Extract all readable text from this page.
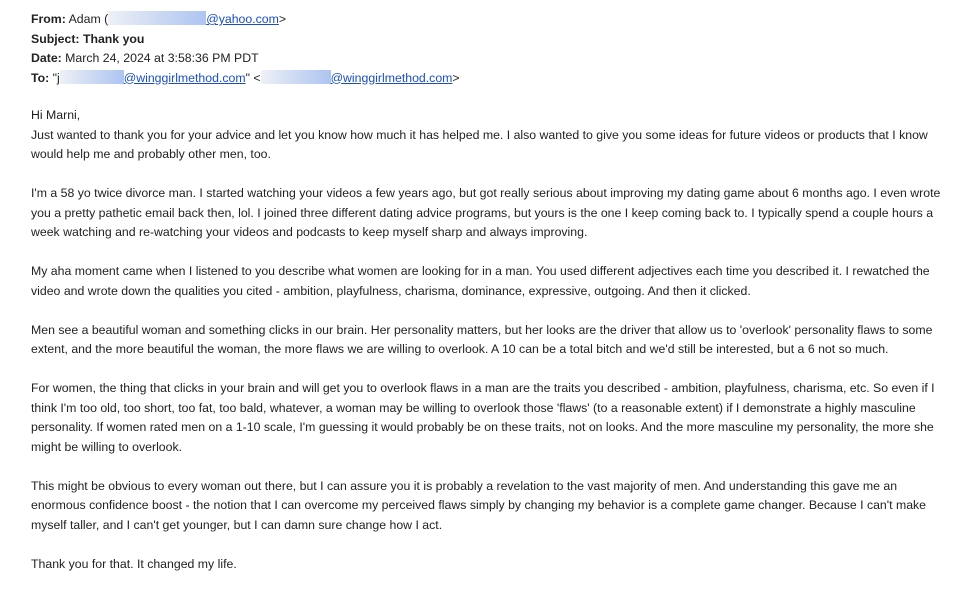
From: Adam (	@yahoo.com>
Subject: Thank you
Date: March 24, 2024 at 3:58:36 PM PDT
To: "j	@winggirlmethod.com" <	@winggirlmethod.com>

Hi Marni,

Just wanted to thank you for your advice and let you know how much it has helped me. I also wanted to give you some ideas for future videos or products that I know would help me and probably other men, too.

I'm a 58 yo twice divorce man. I started watching your videos a few years ago, but got really serious about improving my dating game about 6 months ago. I even wrote you a pretty pathetic email back then, lol. I joined three different dating advice programs, but yours is the one I keep coming back to. I typically spend a couple hours a week watching and re-watching your videos and podcasts to keep myself sharp and always improving.

My aha moment came when I listened to you describe what women are looking for in a man. You used different adjectives each time you described it. I rewatched the video and wrote down the qualities you cited - ambition, playfulness, charisma, dominance, expressive, outgoing. And then it clicked.

Men see a beautiful woman and something clicks in our brain. Her personality matters, but her looks are the driver that allow us to 'overlook' personality flaws to some extent, and the more beautiful the woman, the more flaws we are willing to overlook. A 10 can be a total bitch and we'd still be interested, but a 6 not so much.

For women, the thing that clicks in your brain and will get you to overlook flaws in a man are the traits you described - ambition, playfulness, charisma, etc. So even if I think I'm too old, too short, too fat, too bald, whatever, a woman may be willing to overlook those 'flaws' (to a reasonable extent) if I demonstrate a highly masculine personality. If women rated men on a 1-10 scale, I'm guessing it would probably be on these traits, not on looks. And the more masculine my personality, the more she might be willing to overlook.

This might be obvious to every woman out there, but I can assure you it is probably a revelation to the vast majority of men. And understanding this gave me an enormous confidence boost - the notion that I can overcome my perceived flaws simply by changing my behavior is a complete game changer. Because I can't make myself taller, and I can't get younger, but I can damn sure change how I act.

Thank you for that. It changed my life.
